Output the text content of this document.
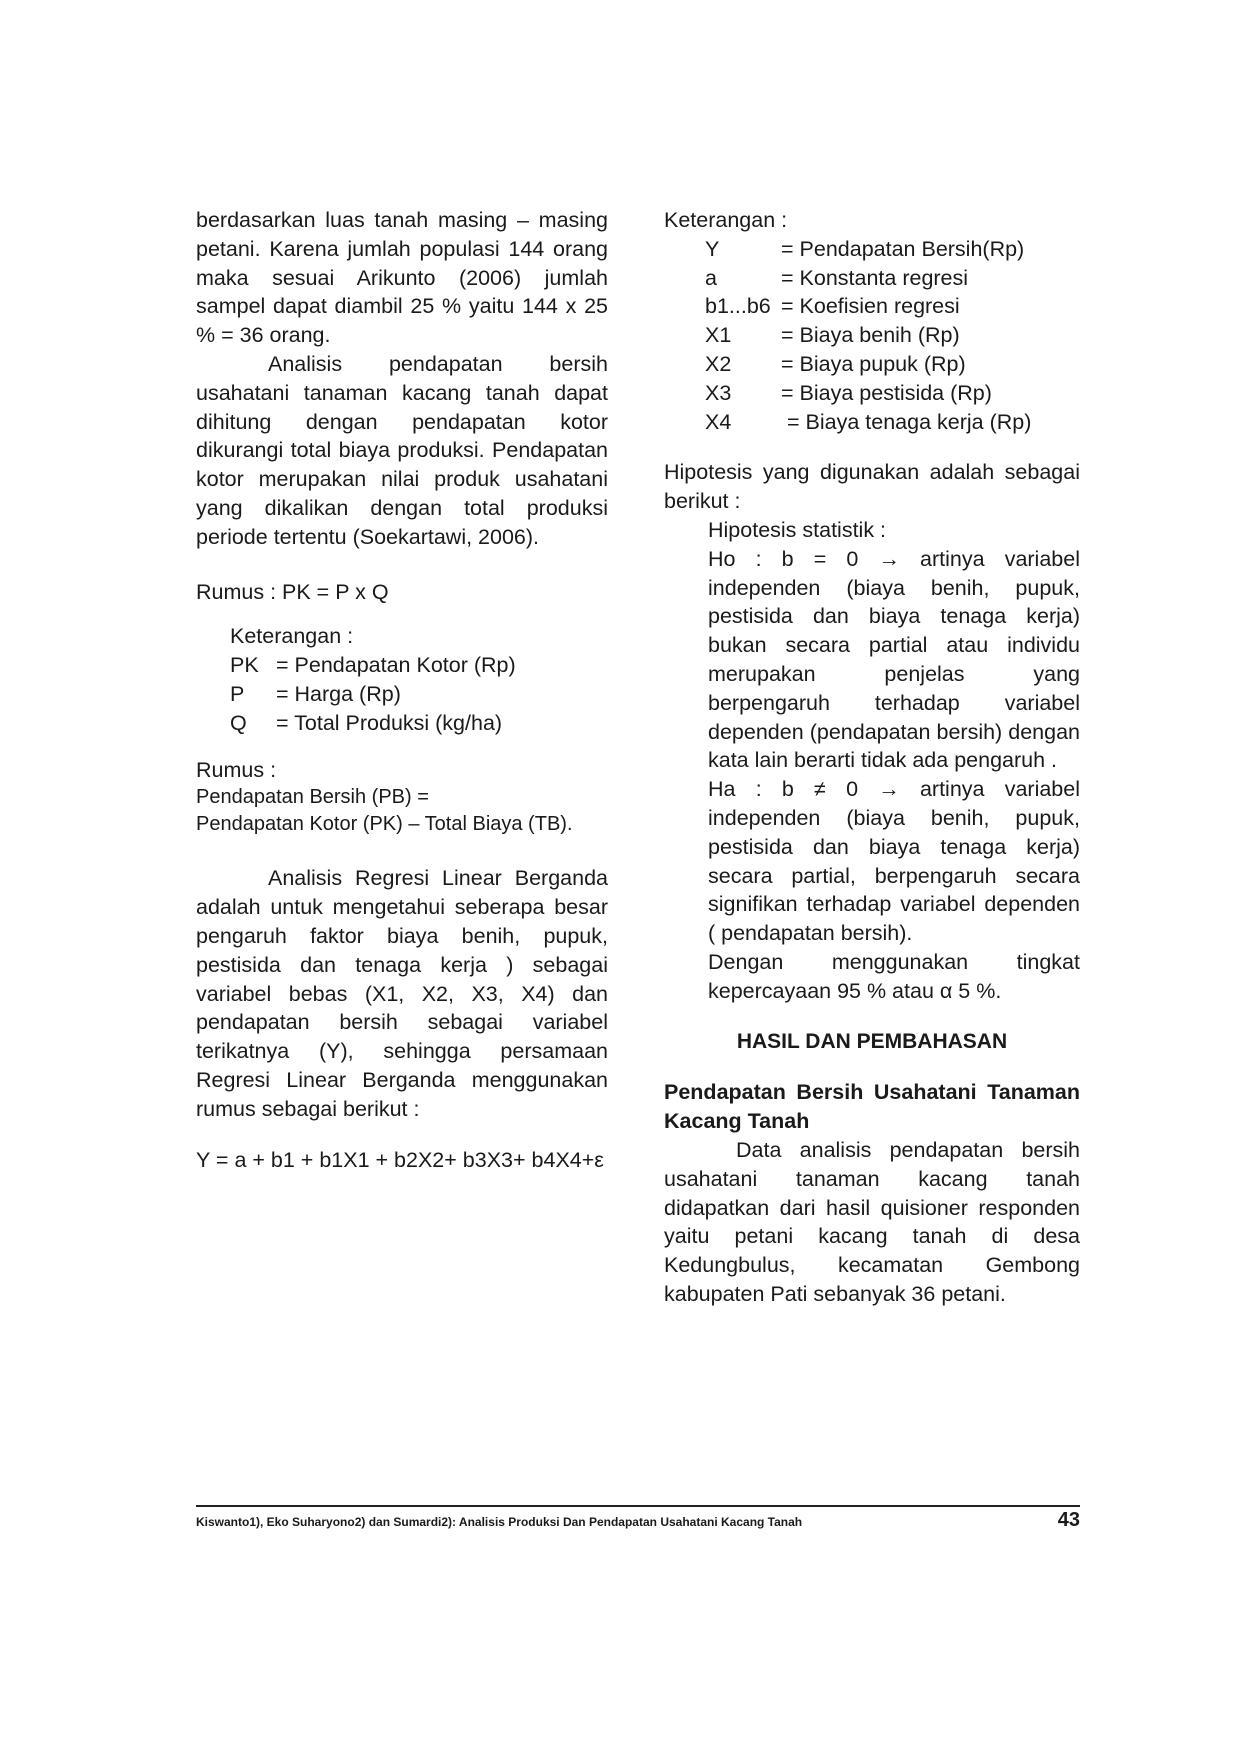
berdasarkan luas tanah masing – masing petani. Karena jumlah populasi 144 orang maka sesuai Arikunto (2006) jumlah sampel dapat diambil 25 % yaitu 144 x 25 % = 36 orang.

Analisis pendapatan bersih usahatani tanaman kacang tanah dapat dihitung dengan pendapatan kotor dikurangi total biaya produksi. Pendapatan kotor merupakan nilai produk usahatani yang dikalikan dengan total produksi periode tertentu (Soekartawi, 2006).

Rumus : PK = P x Q
Keterangan :
PK = Pendapatan Kotor (Rp)
P	= Harga (Rp)
Q	= Total Produksi (kg/ha)
Rumus :
Pendapatan Bersih (PB) =
Pendapatan Kotor (PK) – Total Biaya (TB).

Analisis Regresi Linear Berganda adalah untuk mengetahui seberapa besar pengaruh faktor biaya benih, pupuk, pestisida dan tenaga kerja ) sebagai variabel bebas (X1, X2, X3, X4) dan pendapatan bersih sebagai variabel terikatnya (Y), sehingga persamaan Regresi Linear Berganda menggunakan rumus sebagai berikut :

Y = a + b1 + b1X1 + b2X2+ b3X3+ b4X4+ε
Keterangan :
Y	= Pendapatan Bersih(Rp)
a	= Konstanta regresi
b1...b6 = Koefisien regresi
X1	= Biaya benih (Rp)
X2	= Biaya pupuk (Rp)
X3	= Biaya pestisida (Rp)
X4	= Biaya tenaga kerja (Rp)

Hipotesis yang digunakan adalah sebagai berikut :

Hipotesis statistik :

Ho : b = 0 → artinya variabel independen (biaya benih, pupuk, pestisida dan biaya tenaga kerja) bukan secara partial atau individu merupakan penjelas yang berpengaruh terhadap variabel dependen (pendapatan bersih) dengan kata lain berarti tidak ada pengaruh .

Ha : b ≠ 0 → artinya variabel independen (biaya benih, pupuk, pestisida dan biaya tenaga kerja) secara partial, berpengaruh secara signifikan terhadap variabel dependen ( pendapatan bersih).

Dengan menggunakan tingkat kepercayaan 95 % atau α 5 %.

HASIL DAN PEMBAHASAN

Pendapatan Bersih Usahatani Tanaman Kacang Tanah

Data analisis pendapatan bersih usahatani tanaman kacang tanah didapatkan dari hasil quisioner responden yaitu petani kacang tanah di desa Kedungbulus, kecamatan Gembong kabupaten Pati sebanyak 36 petani.

Kiswanto1), Eko Suharyono2) dan Sumardi2): Analisis Produksi Dan Pendapatan Usahatani Kacang Tanah	43
